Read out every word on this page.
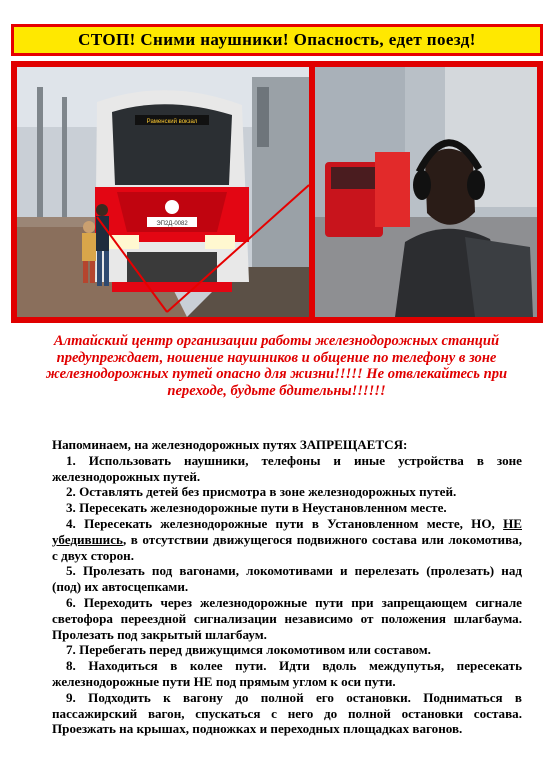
СТОП! Сними наушники! Опасность, едет поезд!
Раменский вокзал
ЭП2Д-0082
Алтайский центр организации работы железнодорожных станций предупреждает, ношение наушников и общение по телефону в зоне железнодорожных путей опасно для жизни!!!!! Не отвлекайтесь при переходе, будьте бдительны!!!!!!

Напоминаем, на железнодорожных путях ЗАПРЕЩАЕТСЯ:

1. Использовать наушники, телефоны и иные устройства в зоне железнодорожных путей.

2. Оставлять детей без присмотра в зоне железнодорожных путей.

3. Пересекать железнодорожные пути в Неустановленном месте.

4. Пересекать железнодорожные пути в Установленном месте, НО, НЕ убедившись, в отсутствии движущегося подвижного состава или локомотива, с двух сторон.

5. Пролезать под вагонами, локомотивами и перелезать (пролезать) над (под) их автосцепками.

6. Переходить через железнодорожные пути при запрещающем сигнале светофора переездной сигнализации независимо от положения шлагбаума. Пролезать под закрытый шлагбаум.

7. Перебегать перед движущимся локомотивом или составом.

8. Находиться в колее пути. Идти вдоль междупутья, пересекать железнодорожные пути НЕ под прямым углом к оси пути.

9. Подходить к вагону до полной его остановки. Подниматься в пассажирский вагон, спускаться с него до полной остановки состава. Проезжать на крышах, подножках и переходных площадках вагонов.
